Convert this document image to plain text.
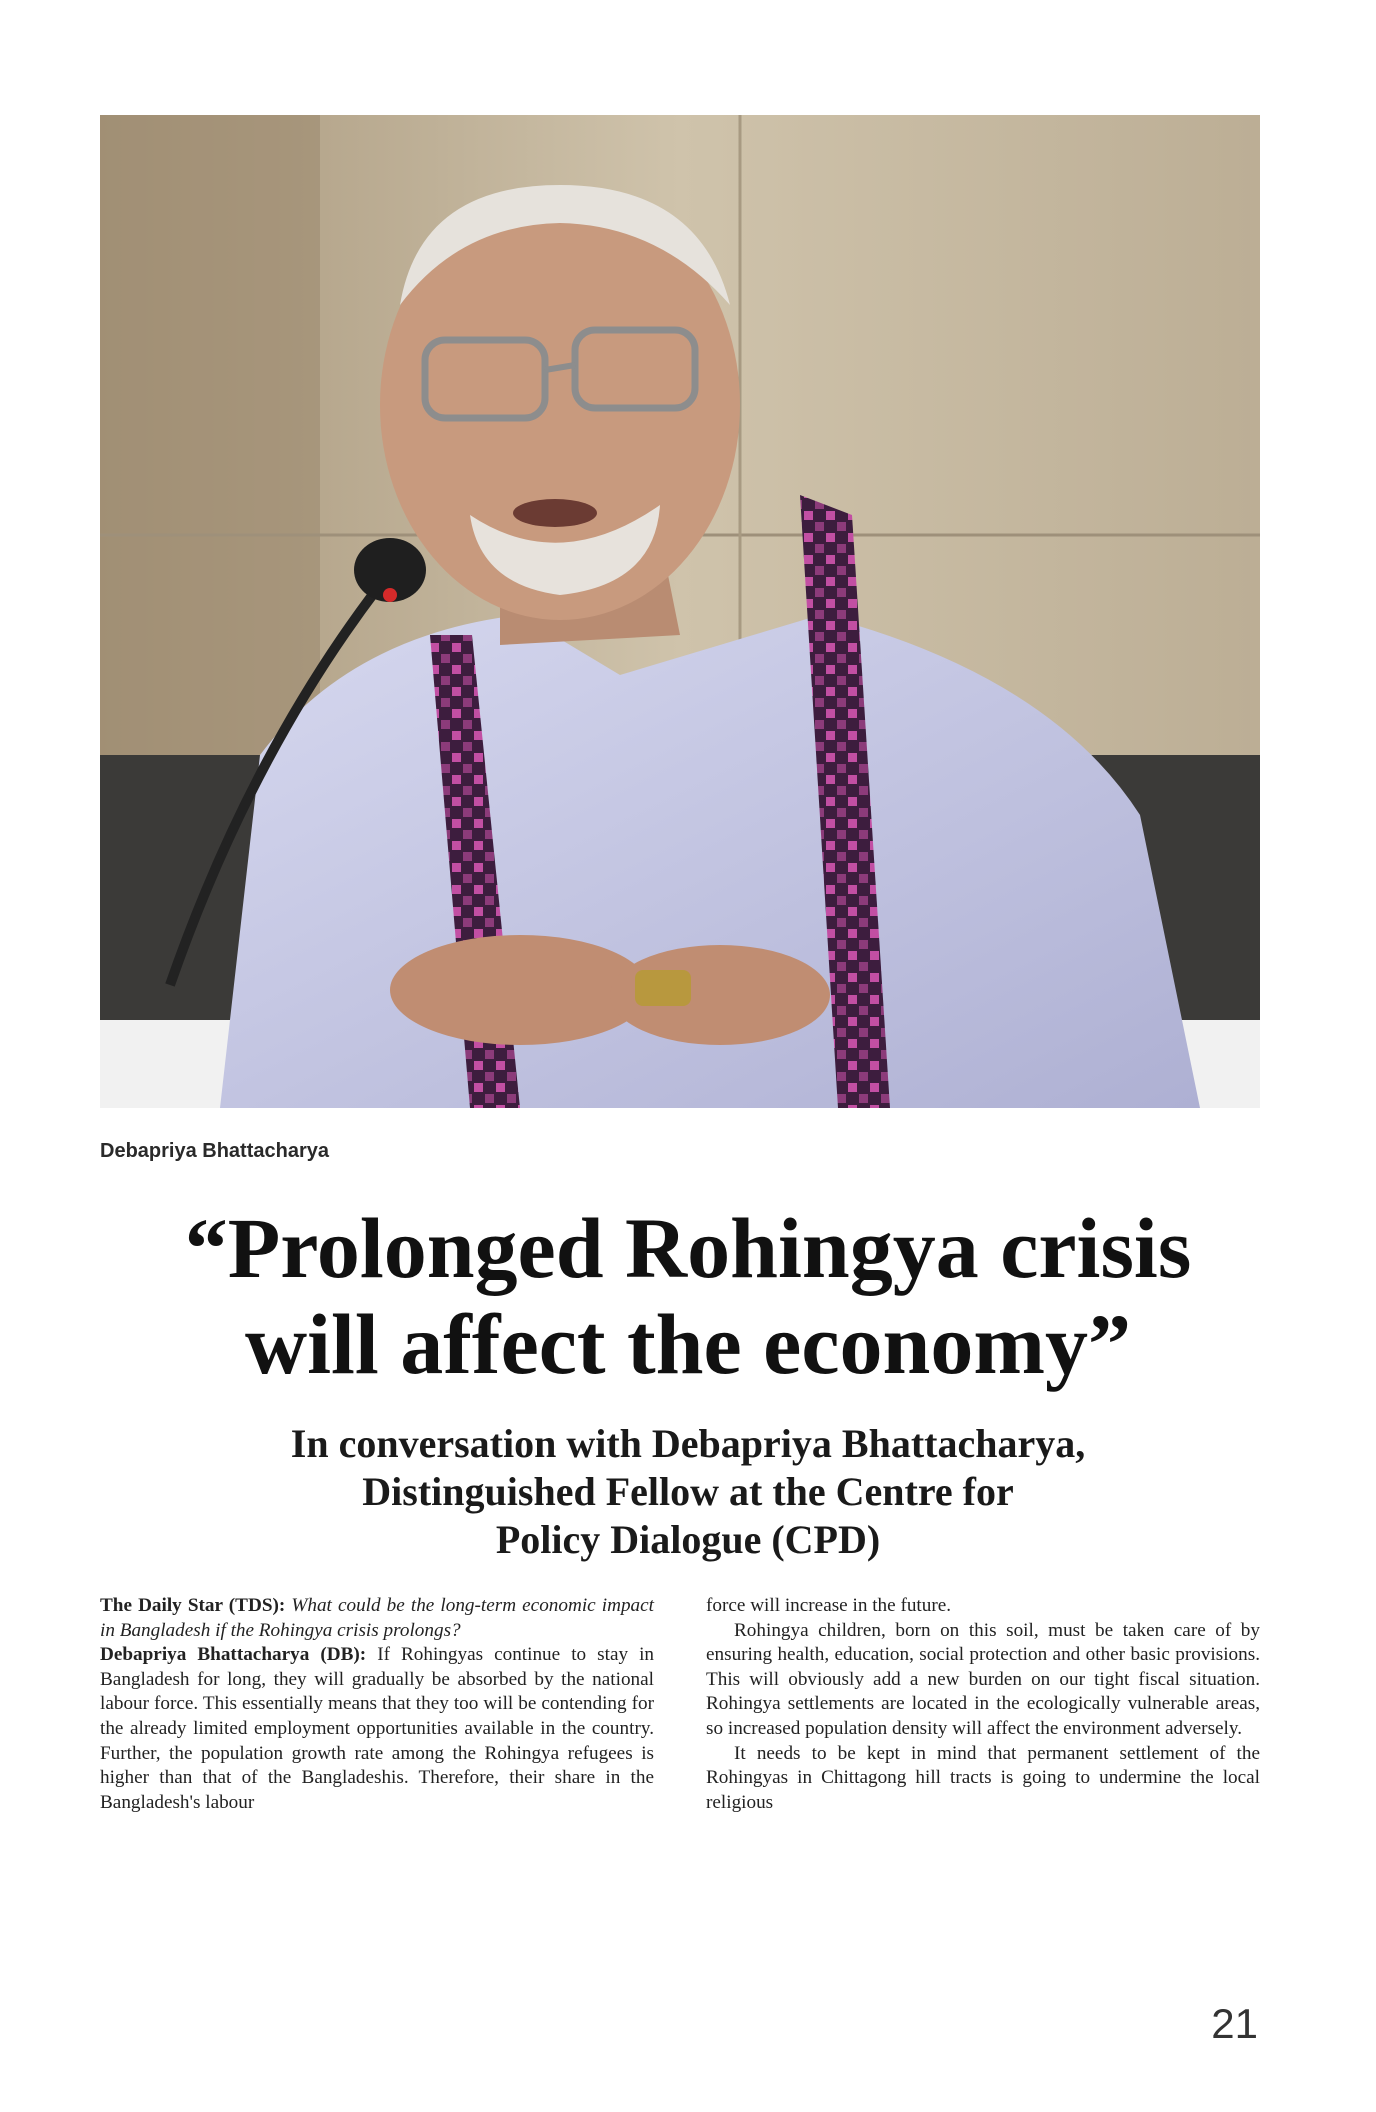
Debapriya Bhattacharya
“Prolonged Rohingya crisis
will affect the economy”
In conversation with Debapriya Bhattacharya,
Distinguished Fellow at the Centre for
Policy Dialogue (CPD)

The Daily Star (TDS): What could be the long-term economic impact in Bangladesh if the Rohingya crisis prolongs?

Debapriya Bhattacharya (DB): If Rohingyas continue to stay in Bangladesh for long, they will gradually be absorbed by the national labour force. This essentially means that they too will be contending for the already limited employment opportunities available in the country. Further, the population growth rate among the Rohingya refugees is higher than that of the Bangladeshis. Therefore, their share in the Bangladesh's labour

force will increase in the future.

Rohingya children, born on this soil, must be taken care of by ensuring health, education, social protection and other basic provisions. This will obviously add a new burden on our tight fiscal situation. Rohingya settlements are located in the ecologically vulnerable areas, so increased population density will affect the environment adversely.

It needs to be kept in mind that permanent settlement of the Rohingyas in Chittagong hill tracts is going to undermine the local religious

21
